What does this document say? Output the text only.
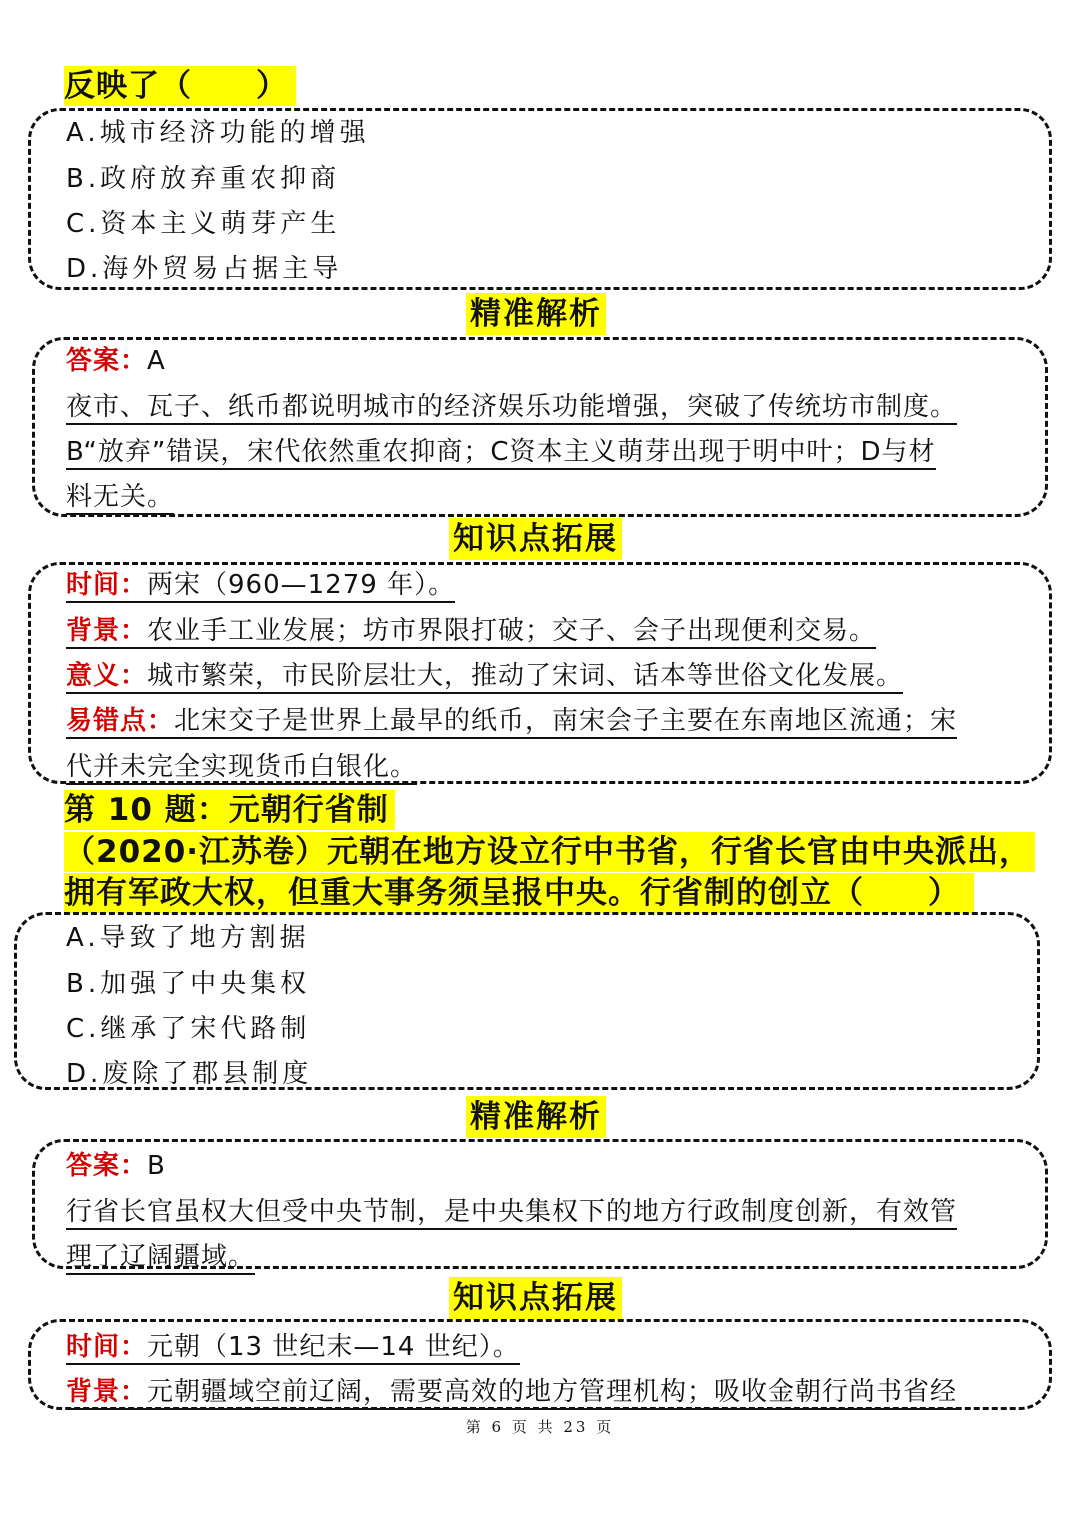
反映了（　　）
A.城市经济功能的增强
B.政府放弃重农抑商
C.资本主义萌芽产生
D.海外贸易占据主导
精准解析
答案：A
夜市、瓦子、纸币都说明城市的经济娱乐功能增强，突破了传统坊市制度。
B“放弃”错误，宋代依然重农抑商；C资本主义萌芽出现于明中叶；D与材
料无关。
知识点拓展
时间：两宋（960—1279 年）。
背景：农业手工业发展；坊市界限打破；交子、会子出现便利交易。
意义：城市繁荣，市民阶层壮大，推动了宋词、话本等世俗文化发展。
易错点：北宋交子是世界上最早的纸币，南宋会子主要在东南地区流通；宋
代并未完全实现货币白银化。
第 10 题：元朝行省制
（2020·江苏卷）元朝在地方设立行中书省，行省长官由中央派出，
拥有军政大权，但重大事务须呈报中央。行省制的创立（　　）
A.导致了地方割据
B.加强了中央集权
C.继承了宋代路制
D.废除了郡县制度
精准解析
答案：B
行省长官虽权大但受中央节制，是中央集权下的地方行政制度创新，有效管
理了辽阔疆域。
知识点拓展
时间：元朝（13 世纪末—14 世纪）。
背景：元朝疆域空前辽阔，需要高效的地方管理机构；吸收金朝行尚书省经
第 6 页 共 23 页
